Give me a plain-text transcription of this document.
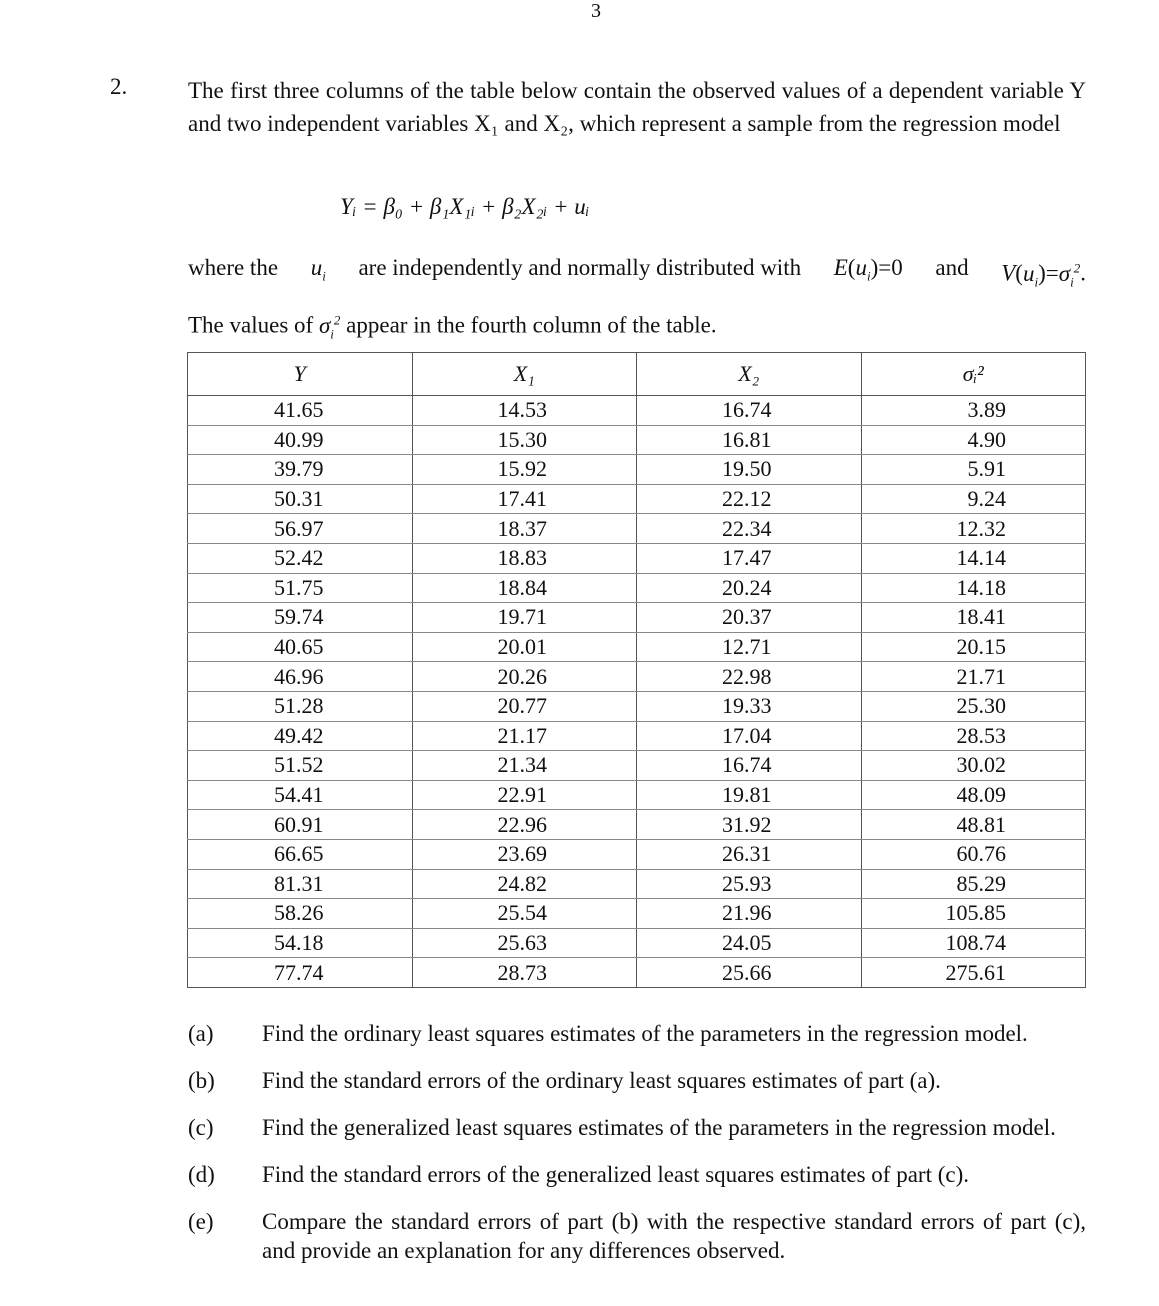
3
2.	The first three columns of the table below contain the observed values of a dependent variable Y and two independent variables X₁ and X₂, which represent a sample from the regression model
Yᵢ = β₀ + β₁X₁ᵢ + β₂X₂ᵢ + uᵢ
where the $u_i$ are independently and normally distributed with $E(u_i)=0$ and $V(u_i)=\sigma_i^2$.
The values of $\sigma_i^2$ appear in the fourth column of the table.
Y	X₁	X₂	σᵢ²
41.65	14.53	16.74	3.89
40.99	15.30	16.81	4.90
39.79	15.92	19.50	5.91
50.31	17.41	22.12	9.24
56.97	18.37	22.34	12.32
52.42	18.83	17.47	14.14
51.75	18.84	20.24	14.18
59.74	19.71	20.37	18.41
40.65	20.01	12.71	20.15
46.96	20.26	22.98	21.71
51.28	20.77	19.33	25.30
49.42	21.17	17.04	28.53
51.52	21.34	16.74	30.02
54.41	22.91	19.81	48.09
60.91	22.96	31.92	48.81
66.65	23.69	26.31	60.76
81.31	24.82	25.93	85.29
58.26	25.54	21.96	105.85
54.18	25.63	24.05	108.74
77.74	28.73	25.66	275.61
(a)	Find the ordinary least squares estimates of the parameters in the regression model.
(b)	Find the standard errors of the ordinary least squares estimates of part (a).
(c)	Find the generalized least squares estimates of the parameters in the regression model.
(d)	Find the standard errors of the generalized least squares estimates of part (c).
(e)	Compare the standard errors of part (b) with the respective standard errors of part (c), and provide an explanation for any differences observed.
